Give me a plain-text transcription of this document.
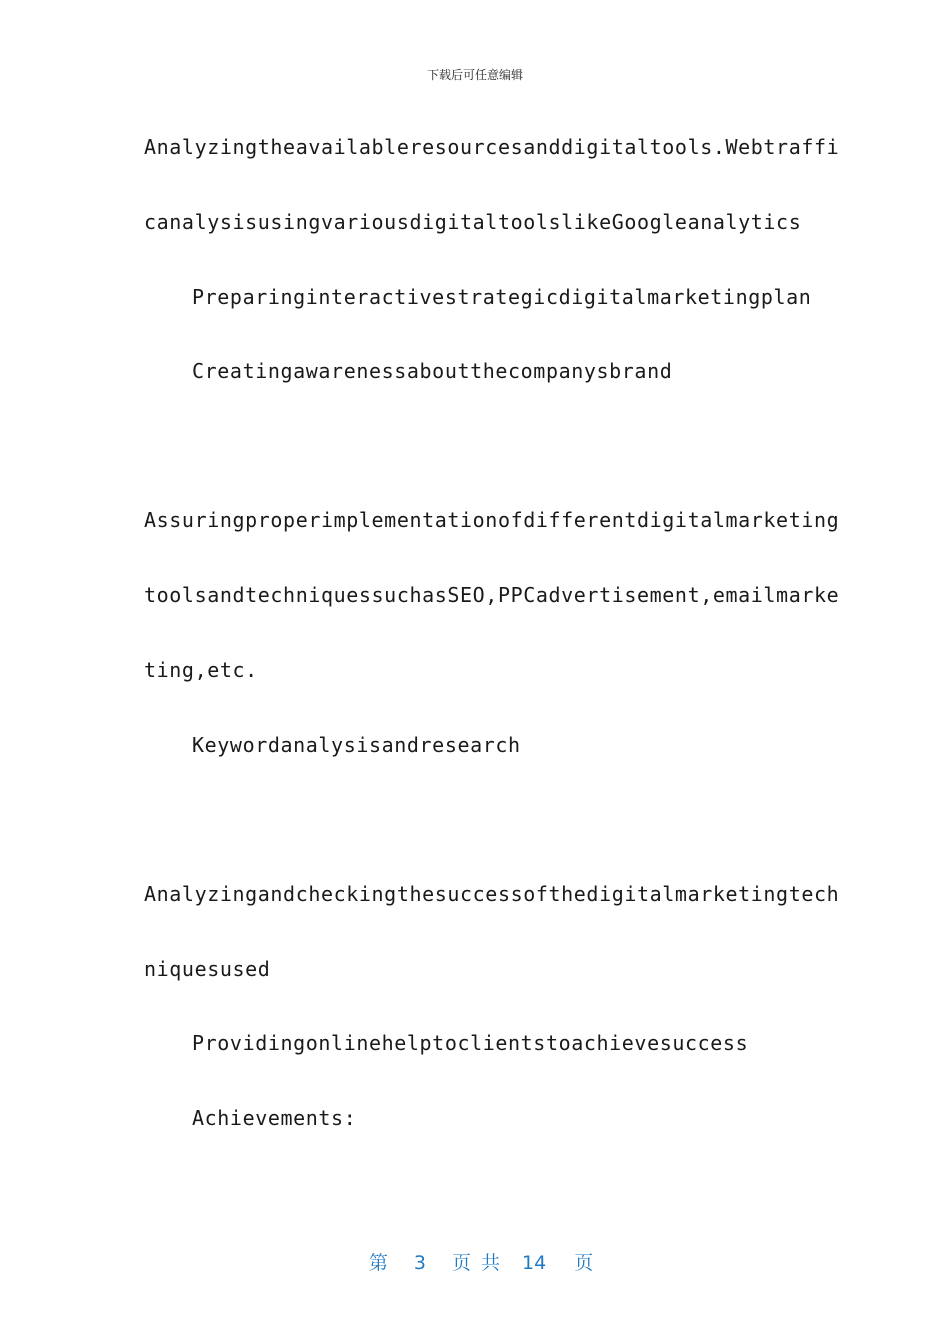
下载后可任意编辑
Analyzingtheavailableresourcesanddigitaltools.Webtraffi
canalysisusingvariousdigitaltoolslikeGoogleanalytics
Preparinginteractivestrategicdigitalmarketingplan
Creatingawarenessaboutthecompanysbrand
Assuringproperimplementationofdifferentdigitalmarketing
toolsandtechniquessuchasSEO,PPCadvertisement,emailmarke
ting,etc.
Keywordanalysisandresearch
Analyzingandcheckingthesuccessofthedigitalmarketingtech
niquesused
Providingonlinehelptoclientstoachievesuccess
Achievements:

第 3 页 共 14 页
